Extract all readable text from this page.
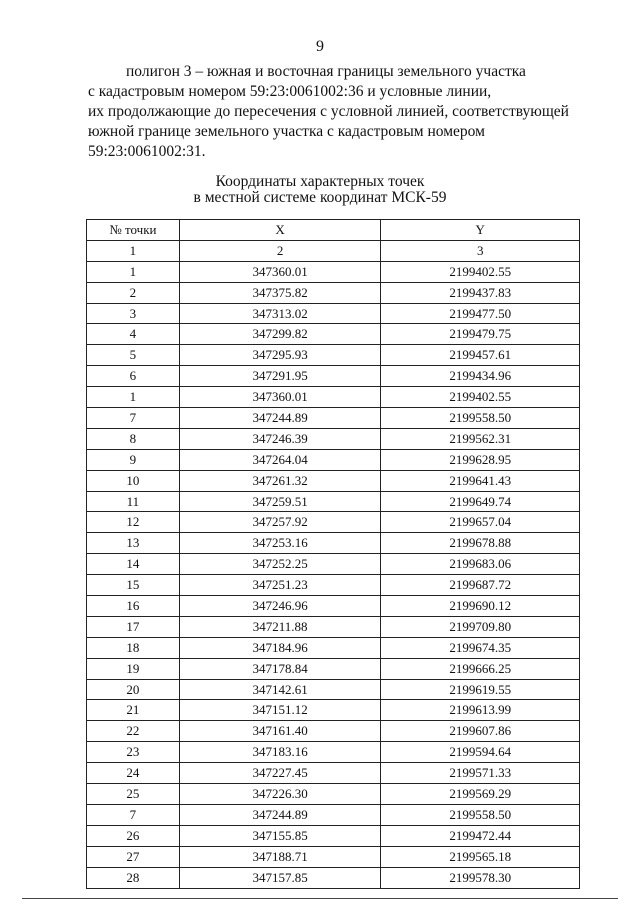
9
полигон 3 – южная и восточная границы земельного участка
с кадастровым номером 59:23:0061002:36 и условные линии,
их продолжающие до пересечения с условной линией, соответствующей
южной границе земельного участка с кадастровым номером
59:23:0061002:31.
Координаты характерных точек
в местной системе координат МСК-59
№ точки	X	Y
1	2	3
1	347360.01	2199402.55
2	347375.82	2199437.83
3	347313.02	2199477.50
4	347299.82	2199479.75
5	347295.93	2199457.61
6	347291.95	2199434.96
1	347360.01	2199402.55
7	347244.89	2199558.50
8	347246.39	2199562.31
9	347264.04	2199628.95
10	347261.32	2199641.43
11	347259.51	2199649.74
12	347257.92	2199657.04
13	347253.16	2199678.88
14	347252.25	2199683.06
15	347251.23	2199687.72
16	347246.96	2199690.12
17	347211.88	2199709.80
18	347184.96	2199674.35
19	347178.84	2199666.25
20	347142.61	2199619.55
21	347151.12	2199613.99
22	347161.40	2199607.86
23	347183.16	2199594.64
24	347227.45	2199571.33
25	347226.30	2199569.29
7	347244.89	2199558.50
26	347155.85	2199472.44
27	347188.71	2199565.18
28	347157.85	2199578.30
